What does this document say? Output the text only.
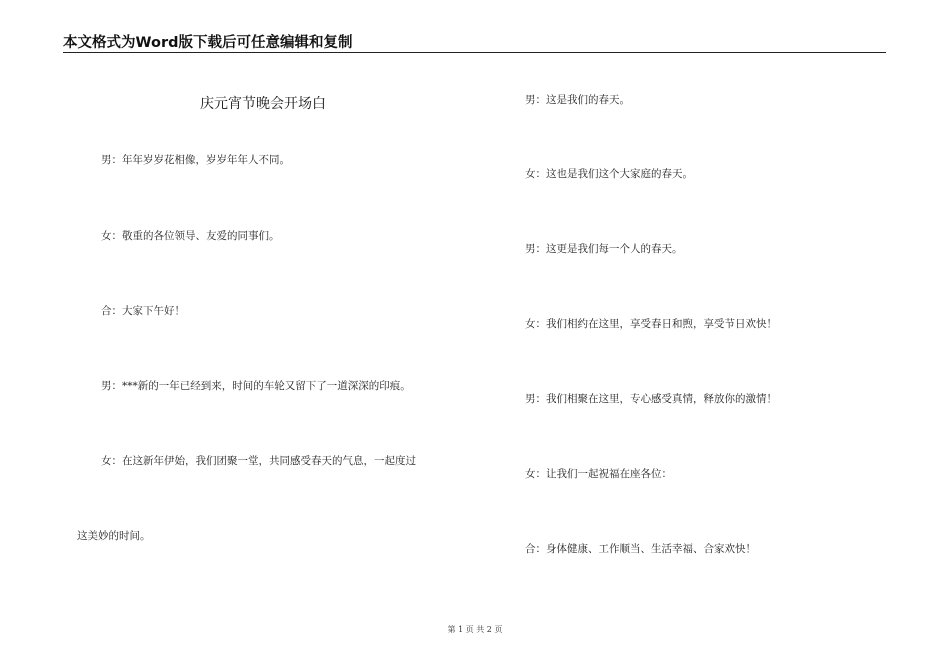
本文格式为Word版下载后可任意编辑和复制
庆元宵节晚会开场白
男：年年岁岁花相像，岁岁年年人不同。
女：敬重的各位领导、友爱的同事们。
合：大家下午好！
男：***新的一年已经到来，时间的车轮又留下了一道深深的印痕。
女：在这新年伊始，我们团聚一堂，共同感受春天的气息，一起度过
这美妙的时间。
男：这是我们的春天。
女：这也是我们这个大家庭的春天。
男：这更是我们每一个人的春天。
女：我们相约在这里，享受春日和煦，享受节日欢快！
男：我们相聚在这里，专心感受真情，释放你的激情！
女：让我们一起祝福在座各位：
合：身体健康、工作顺当、生活幸福、合家欢快！
第 1 页 共 2 页
